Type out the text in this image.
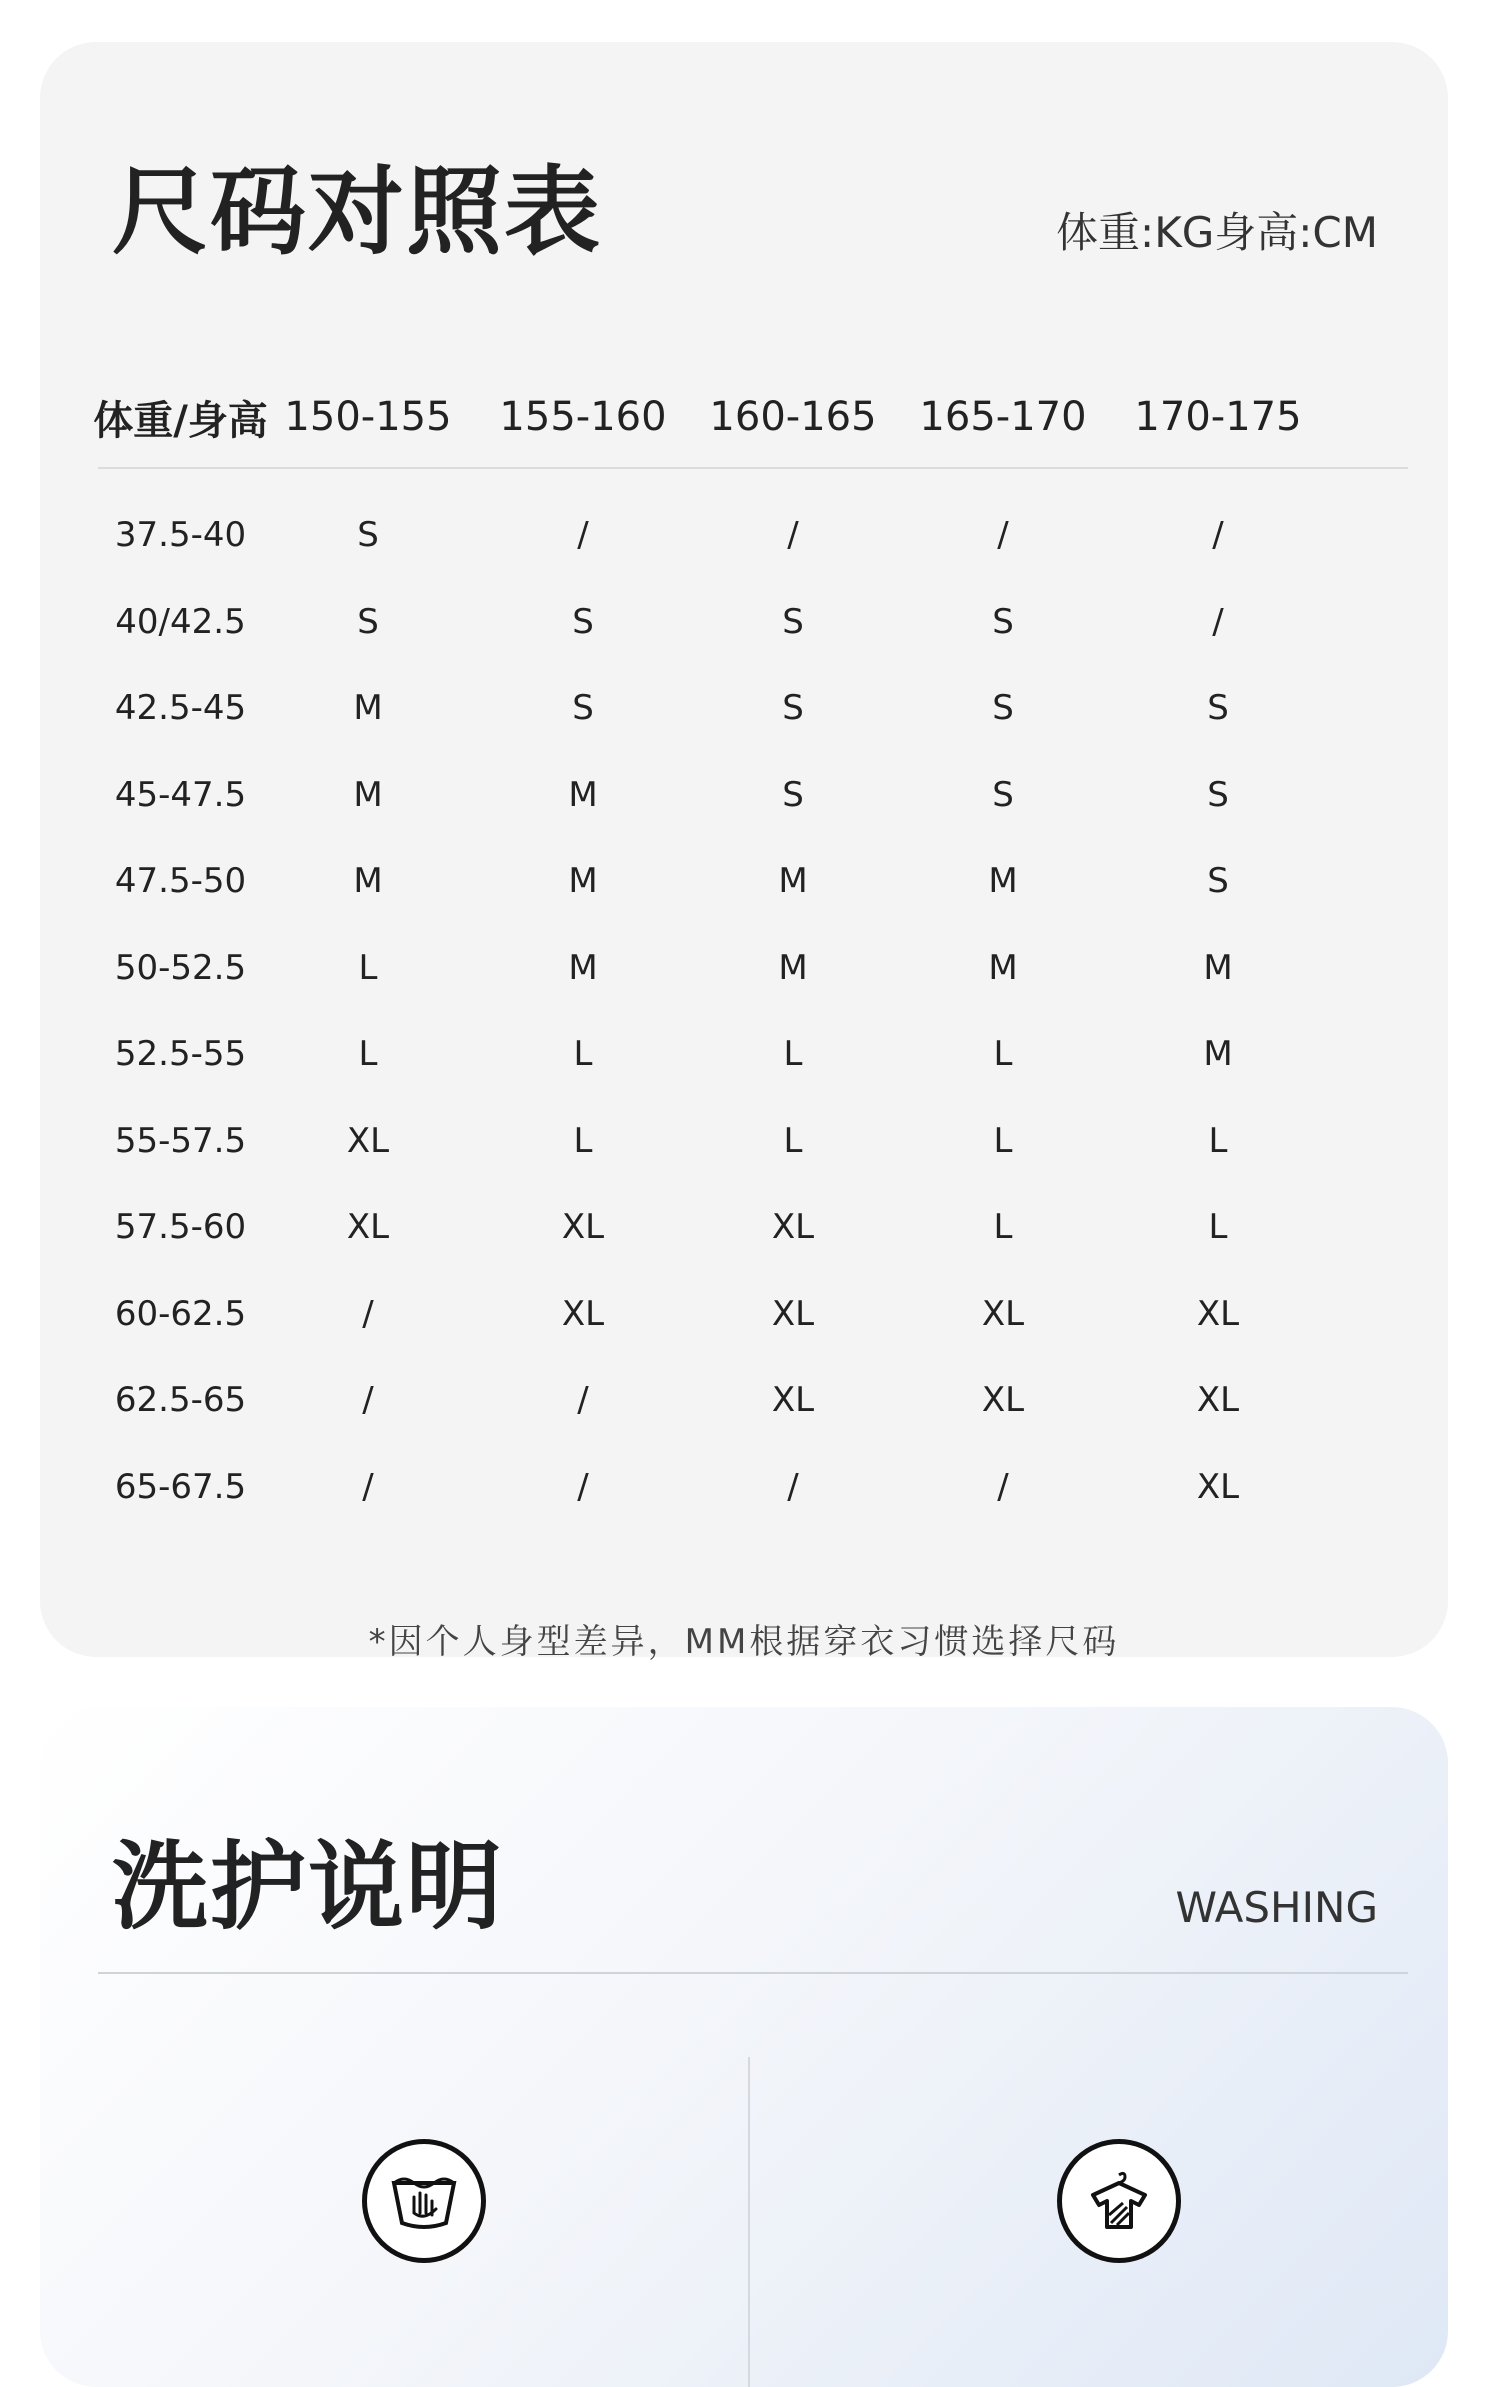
尺码对照表	体重:KG身高:CM
体重/身高 150-155 155-160 160-165 165-170 170-175
37.5-40	S	/	/	/	/
40/42.5	S	S	S	S	/
42.5-45	M	S	S	S	S
45-47.5	M	M	S	S	S
47.5-50	M	M	M	M	S
50-52.5	L	M	M	M	M
52.5-55	L	L	L	L	M
55-57.5	XL	L	L	L	L
57.5-60	XL	XL	XL	L	L
60-62.5	/	XL	XL	XL	XL
62.5-65	/	/	XL	XL	XL
65-67.5	/	/	/	/	XL
*因个人身型差异，MM根据穿衣习惯选择尺码
洗护说明	WASHING
